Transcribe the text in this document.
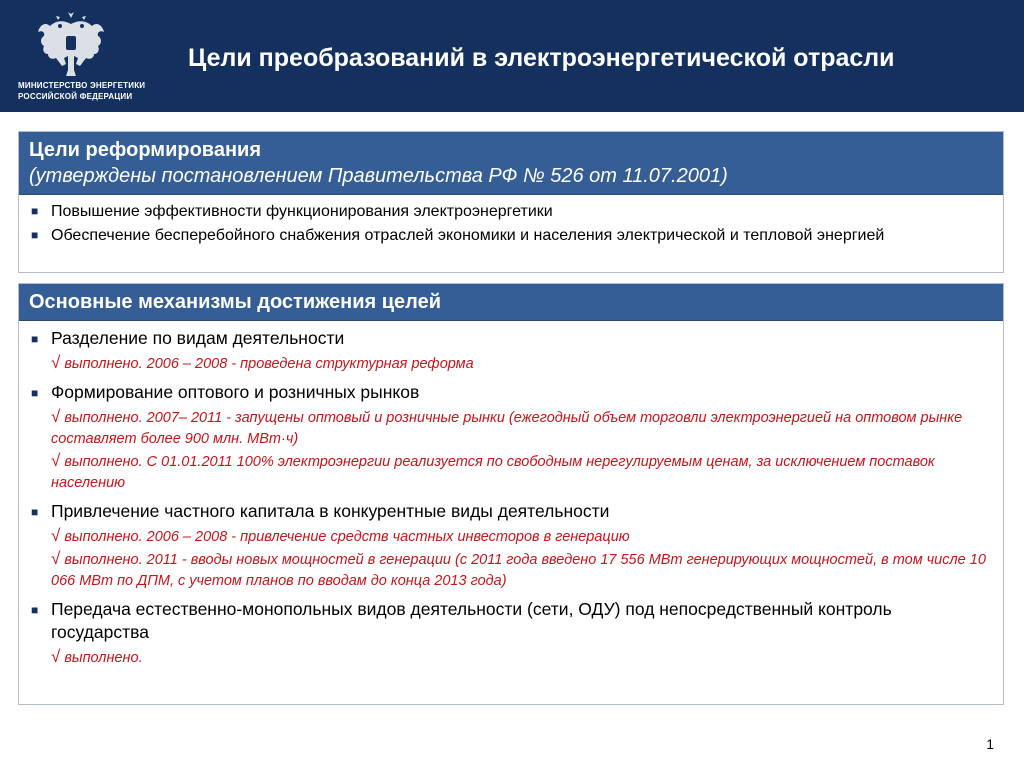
МИНИСТЕРСТВО ЭНЕРГЕТИКИ
РОССИЙСКОЙ ФЕДЕРАЦИИ
Цели преобразований в электроэнергетической отрасли
Цели реформирования
(утверждены постановлением Правительства РФ № 526 от 11.07.2001)
■ Повышение эффективности функционирования электроэнергетики
■ Обеспечение бесперебойного снабжения отраслей экономики и населения электрической и тепловой энергией
Основные механизмы достижения целей
■ Разделение по видам деятельности
√ выполнено. 2006 – 2008 - проведена структурная реформа
■ Формирование оптового и розничных рынков
√ выполнено. 2007– 2011 - запущены оптовый и розничные рынки (ежегодный объем торговли электроэнергией на оптовом рынке составляет более 900 млн. МВт·ч)
√ выполнено. С 01.01.2011 100% электроэнергии реализуется по свободным нерегулируемым ценам, за исключением поставок населению
■ Привлечение частного капитала в конкурентные виды деятельности
√ выполнено. 2006 – 2008 - привлечение средств частных инвесторов в генерацию
√ выполнено. 2011 - вводы новых мощностей в генерации (с 2011 года введено 17 556 МВт генерирующих мощностей, в том числе 10 066 МВт по ДПМ, с учетом планов по вводам до конца 2013 года)
■ Передача естественно-монопольных видов деятельности (сети, ОДУ) под непосредственный контроль государства
√ выполнено.
1
